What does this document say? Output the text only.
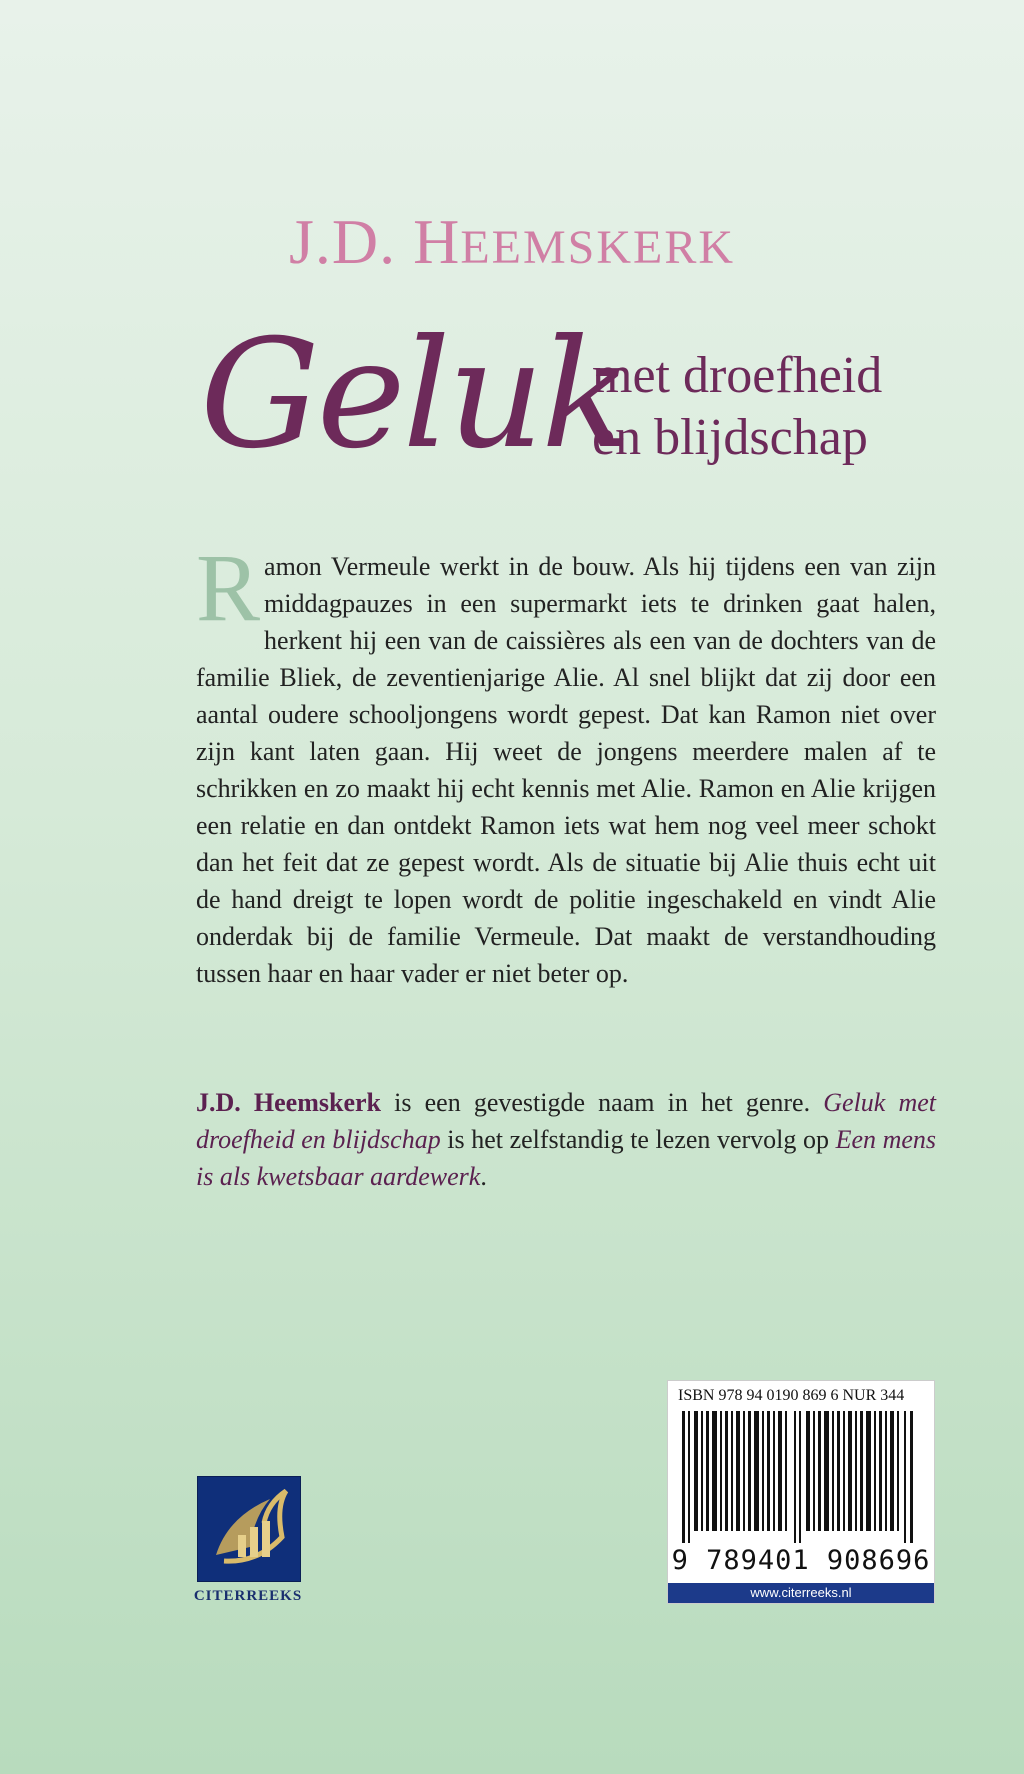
J.D. HEEMSKERK
Geluk
met droefheid
en blijdschap
Ramon Vermeule werkt in de bouw. Als hij tijdens een van zijn middagpauzes in een supermarkt iets te drinken gaat halen, herkent hij een van de caissières als een van de dochters van de familie Bliek, de zeventienjarige Alie. Al snel blijkt dat zij door een aantal oudere schooljongens wordt gepest. Dat kan Ramon niet over zijn kant laten gaan. Hij weet de jongens meerdere malen af te schrikken en zo maakt hij echt kennis met Alie. Ramon en Alie krijgen een relatie en dan ontdekt Ramon iets wat hem nog veel meer schokt dan het feit dat ze gepest wordt. Als de situatie bij Alie thuis echt uit de hand dreigt te lopen wordt de politie ingeschakeld en vindt Alie onderdak bij de familie Vermeule. Dat maakt de verstandhouding tussen haar en haar vader er niet beter op.
J.D. Heemskerk is een gevestigde naam in het genre. Geluk met droefheid en blijdschap is het zelfstandig te lezen vervolg op Een mens is als kwetsbaar aardewerk.
CITERREEKS
ISBN 978 94 0190 869 6 NUR 344
9 789401 908696
www.citerreeks.nl
